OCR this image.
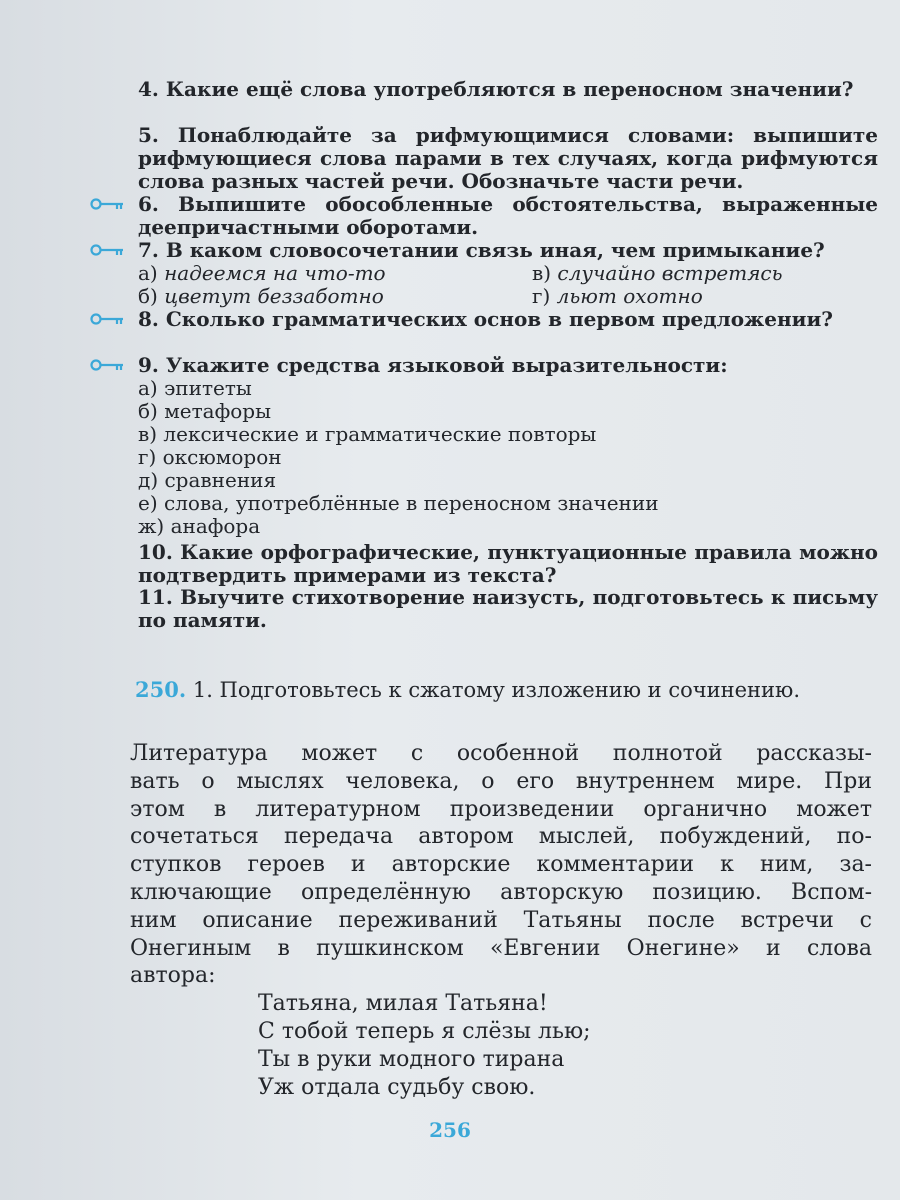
4. Какие ещё слова употребляются в переносном значении?
5. Понаблюдайте за рифмующимися словами: выпишите рифмующиеся слова парами в тех случаях, когда рифмуются слова разных частей речи. Обозначьте части речи.
6. Выпишите обособленные обстоятельства, выраженные деепричастными оборотами.
7. В каком словосочетании связь иная, чем примыкание?
а) надеемся на что-то	в) случайно встретясь
б) цветут беззаботно	г) льют охотно
8. Сколько грамматических основ в первом предложении?
9. Укажите средства языковой выразительности:
а) эпитеты
б) метафоры
в) лексические и грамматические повторы
г) оксюморон
д) сравнения
е) слова, употреблённые в переносном значении
ж) анафора
10. Какие орфографические, пунктуационные правила можно подтвердить примерами из текста?
11. Выучите стихотворение наизусть, подготовьтесь к письму по памяти.
250. 1. Подготовьтесь к сжатому изложению и сочинению.
Литература может с особенной полнотой рассказы-
вать о мыслях человека, о его внутреннем мире. При
этом в литературном произведении органично может
сочетаться передача автором мыслей, побуждений, по-
ступков героев и авторские комментарии к ним, за-
ключающие определённую авторскую позицию. Вспом-
ним описание переживаний Татьяны после встречи с
Онегиным в пушкинском «Евгении Онегине» и слова
автора:
Татьяна, милая Татьяна!
С тобой теперь я слёзы лью;
Ты в руки модного тирана
Уж отдала судьбу свою.
256
